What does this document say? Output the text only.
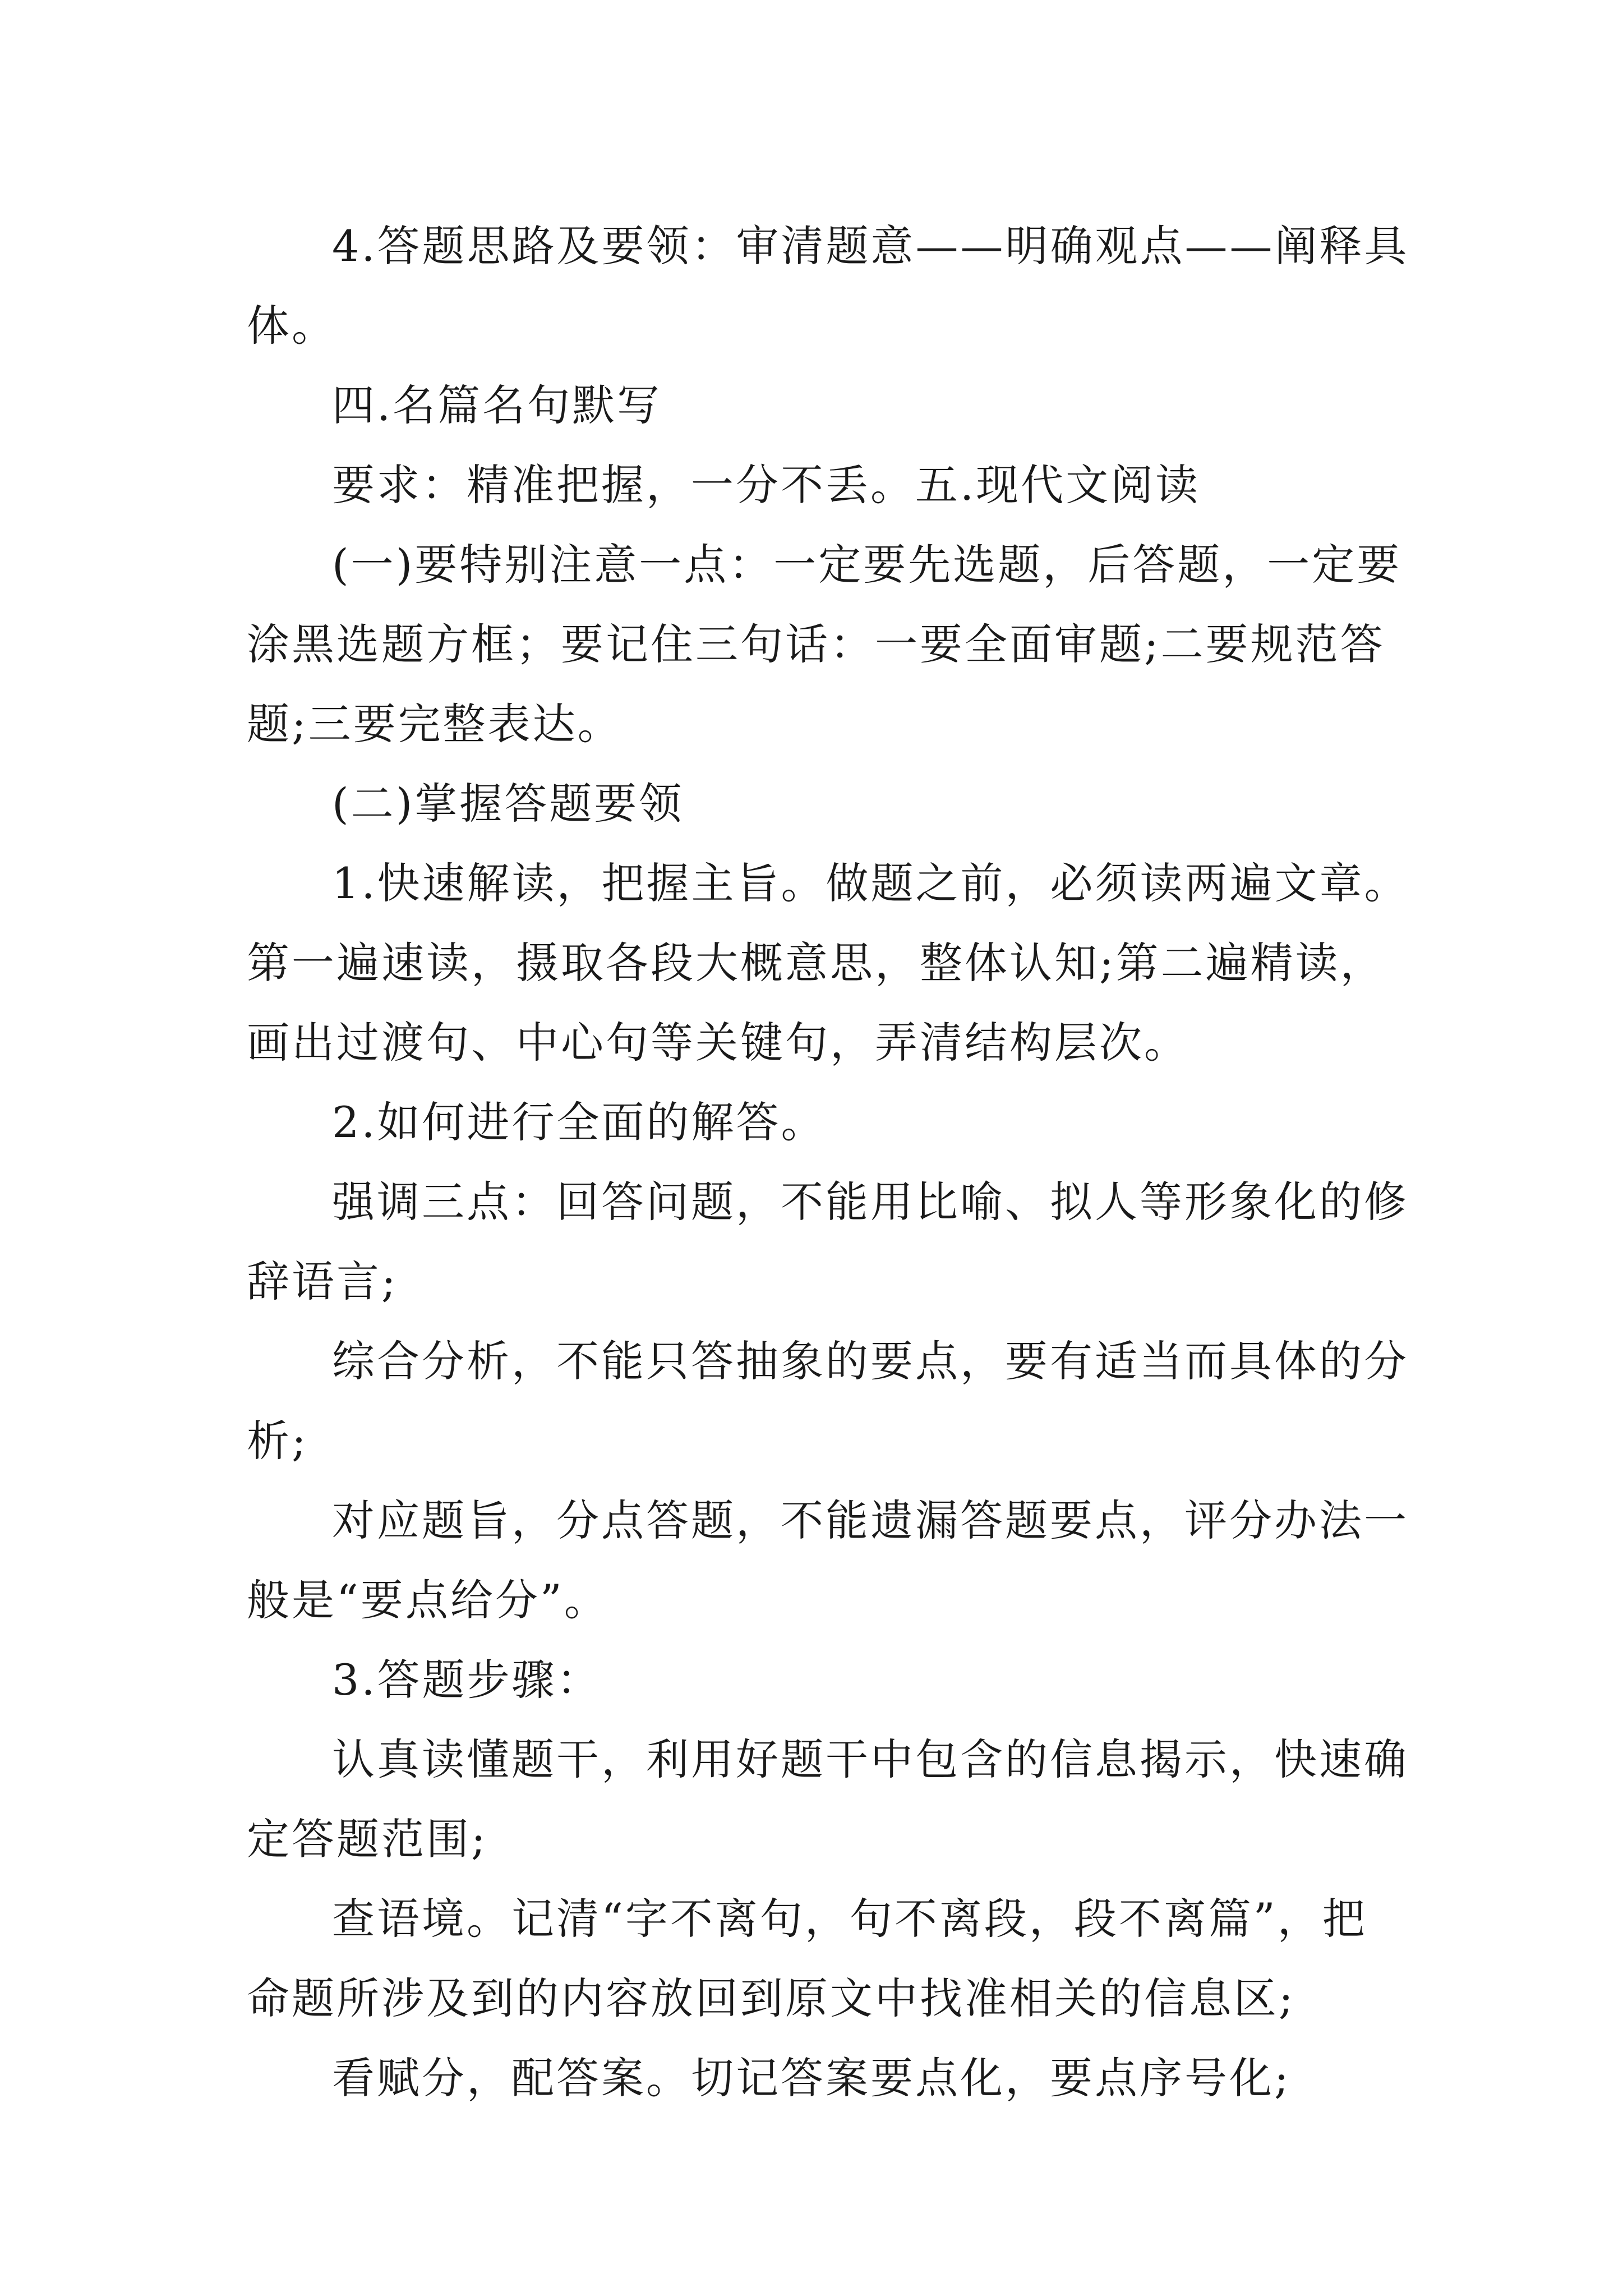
4.答题思路及要领：审清题意——明确观点——阐释具
体。

四.名篇名句默写

要求：精准把握，一分不丢。五.现代文阅读

(一)要特别注意一点：一定要先选题，后答题，一定要
涂黑选题方框；要记住三句话：一要全面审题;二要规范答
题;三要完整表达。

(二)掌握答题要领

1.快速解读，把握主旨。做题之前，必须读两遍文章。
第一遍速读，摄取各段大概意思，整体认知;第二遍精读，
画出过渡句、中心句等关键句，弄清结构层次。

2.如何进行全面的解答。

强调三点：回答问题，不能用比喻、拟人等形象化的修
辞语言;

综合分析，不能只答抽象的要点，要有适当而具体的分
析;

对应题旨，分点答题，不能遗漏答题要点，评分办法一
般是“要点给分”。

3.答题步骤：

认真读懂题干，利用好题干中包含的信息揭示，快速确
定答题范围;

查语境。记清“字不离句，句不离段，段不离篇”，把
命题所涉及到的内容放回到原文中找准相关的信息区;

看赋分，配答案。切记答案要点化，要点序号化;
